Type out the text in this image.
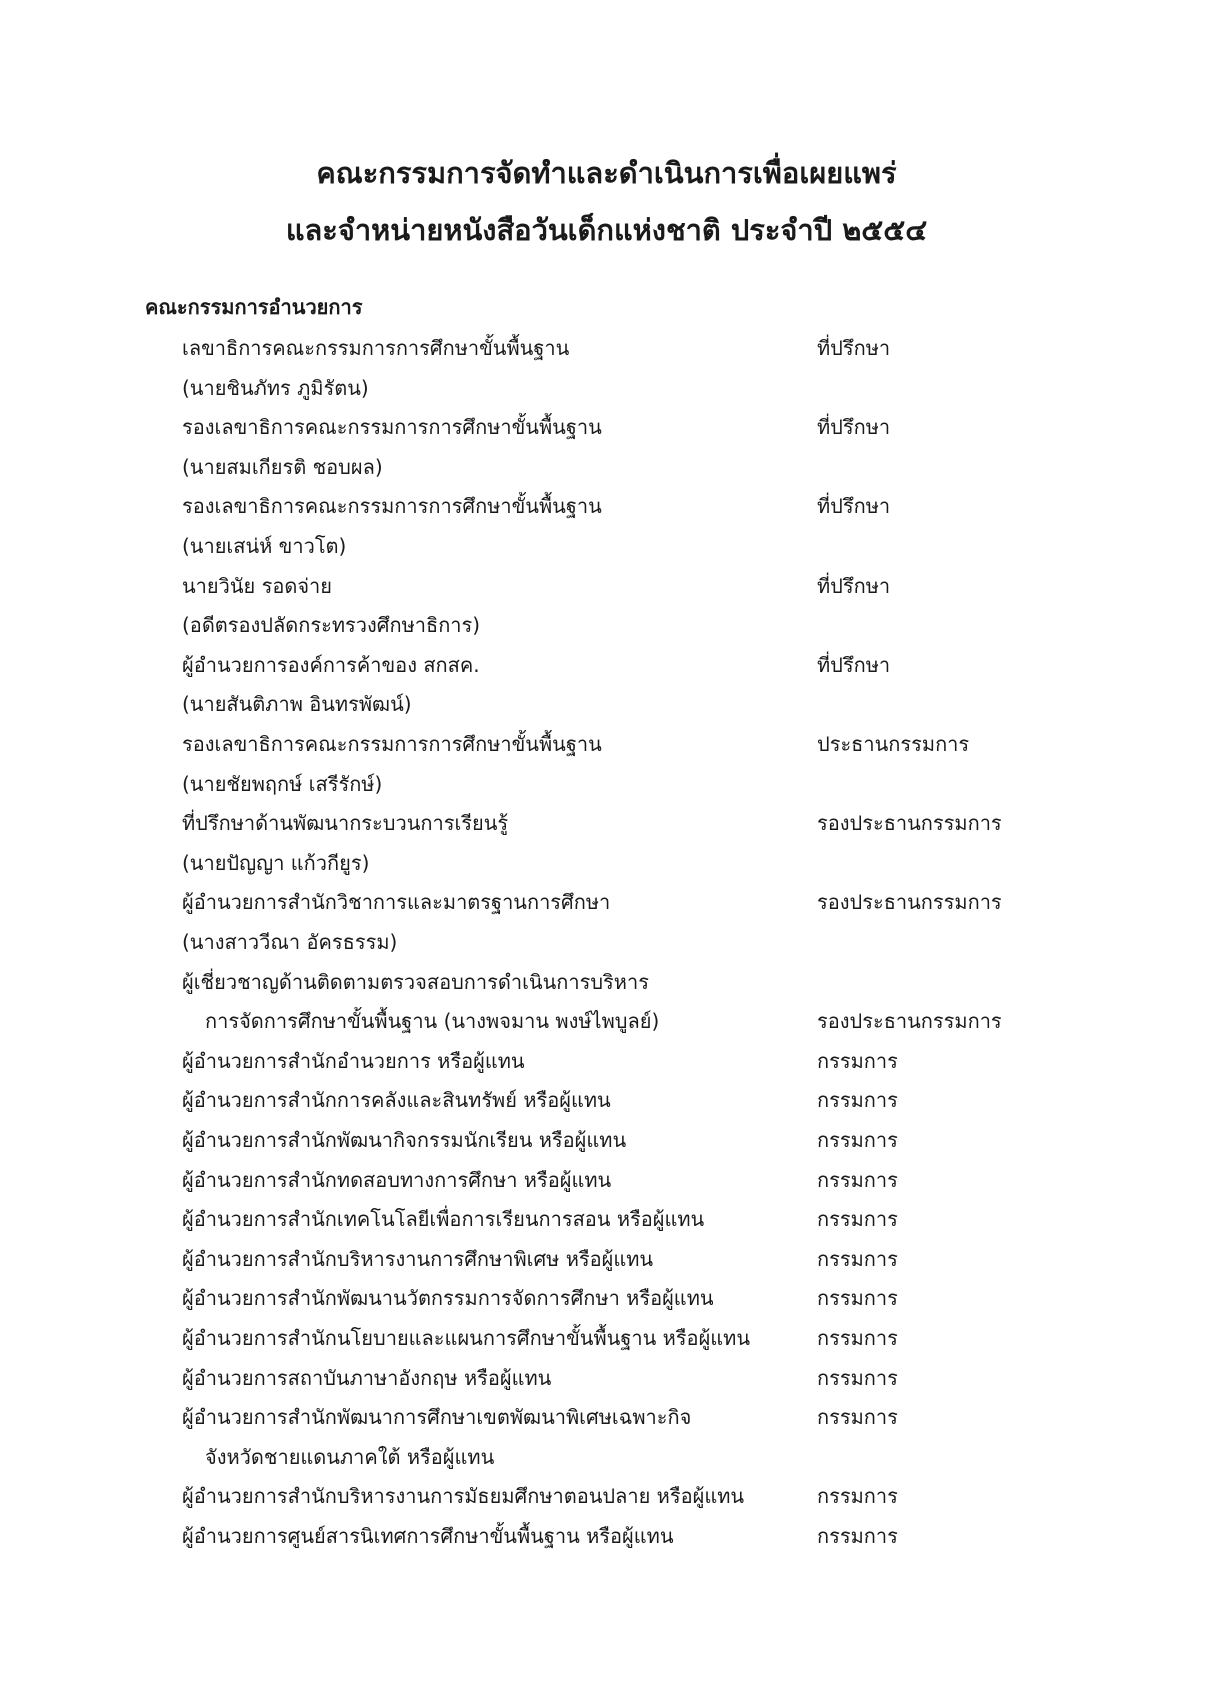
คณะกรรมการจัดทำและดำเนินการเพื่อเผยแพร่
และจำหน่ายหนังสือวันเด็กแห่งชาติ ประจำปี ๒๕๕๔
คณะกรรมการอำนวยการ
เลขาธิการคณะกรรมการการศึกษาขั้นพื้นฐาน	ที่ปรึกษา
(นายชินภัทร ภูมิรัตน)
รองเลขาธิการคณะกรรมการการศึกษาขั้นพื้นฐาน	ที่ปรึกษา
(นายสมเกียรติ ชอบผล)
รองเลขาธิการคณะกรรมการการศึกษาขั้นพื้นฐาน	ที่ปรึกษา
(นายเสน่ห์ ขาวโต)
นายวินัย รอดจ่าย	ที่ปรึกษา
(อดีตรองปลัดกระทรวงศึกษาธิการ)
ผู้อำนวยการองค์การค้าของ สกสค.	ที่ปรึกษา
(นายสันติภาพ อินทรพัฒน์)
รองเลขาธิการคณะกรรมการการศึกษาขั้นพื้นฐาน	ประธานกรรมการ
(นายชัยพฤกษ์ เสรีรักษ์)
ที่ปรึกษาด้านพัฒนากระบวนการเรียนรู้	รองประธานกรรมการ
(นายปัญญา แก้วกียูร)
ผู้อำนวยการสำนักวิชาการและมาตรฐานการศึกษา	รองประธานกรรมการ
(นางสาววีณา อัครธรรม)
ผู้เชี่ยวชาญด้านติดตามตรวจสอบการดำเนินการบริหาร
การจัดการศึกษาขั้นพื้นฐาน (นางพจมาน พงษ์ไพบูลย์)	รองประธานกรรมการ
ผู้อำนวยการสำนักอำนวยการ หรือผู้แทน	กรรมการ
ผู้อำนวยการสำนักการคลังและสินทรัพย์ หรือผู้แทน	กรรมการ
ผู้อำนวยการสำนักพัฒนากิจกรรมนักเรียน หรือผู้แทน	กรรมการ
ผู้อำนวยการสำนักทดสอบทางการศึกษา หรือผู้แทน	กรรมการ
ผู้อำนวยการสำนักเทคโนโลยีเพื่อการเรียนการสอน หรือผู้แทน	กรรมการ
ผู้อำนวยการสำนักบริหารงานการศึกษาพิเศษ หรือผู้แทน	กรรมการ
ผู้อำนวยการสำนักพัฒนานวัตกรรมการจัดการศึกษา หรือผู้แทน	กรรมการ
ผู้อำนวยการสำนักนโยบายและแผนการศึกษาขั้นพื้นฐาน หรือผู้แทน	กรรมการ
ผู้อำนวยการสถาบันภาษาอังกฤษ หรือผู้แทน	กรรมการ
ผู้อำนวยการสำนักพัฒนาการศึกษาเขตพัฒนาพิเศษเฉพาะกิจ	กรรมการ
จังหวัดชายแดนภาคใต้ หรือผู้แทน
ผู้อำนวยการสำนักบริหารงานการมัธยมศึกษาตอนปลาย หรือผู้แทน	กรรมการ
ผู้อำนวยการศูนย์สารนิเทศการศึกษาขั้นพื้นฐาน หรือผู้แทน	กรรมการ
